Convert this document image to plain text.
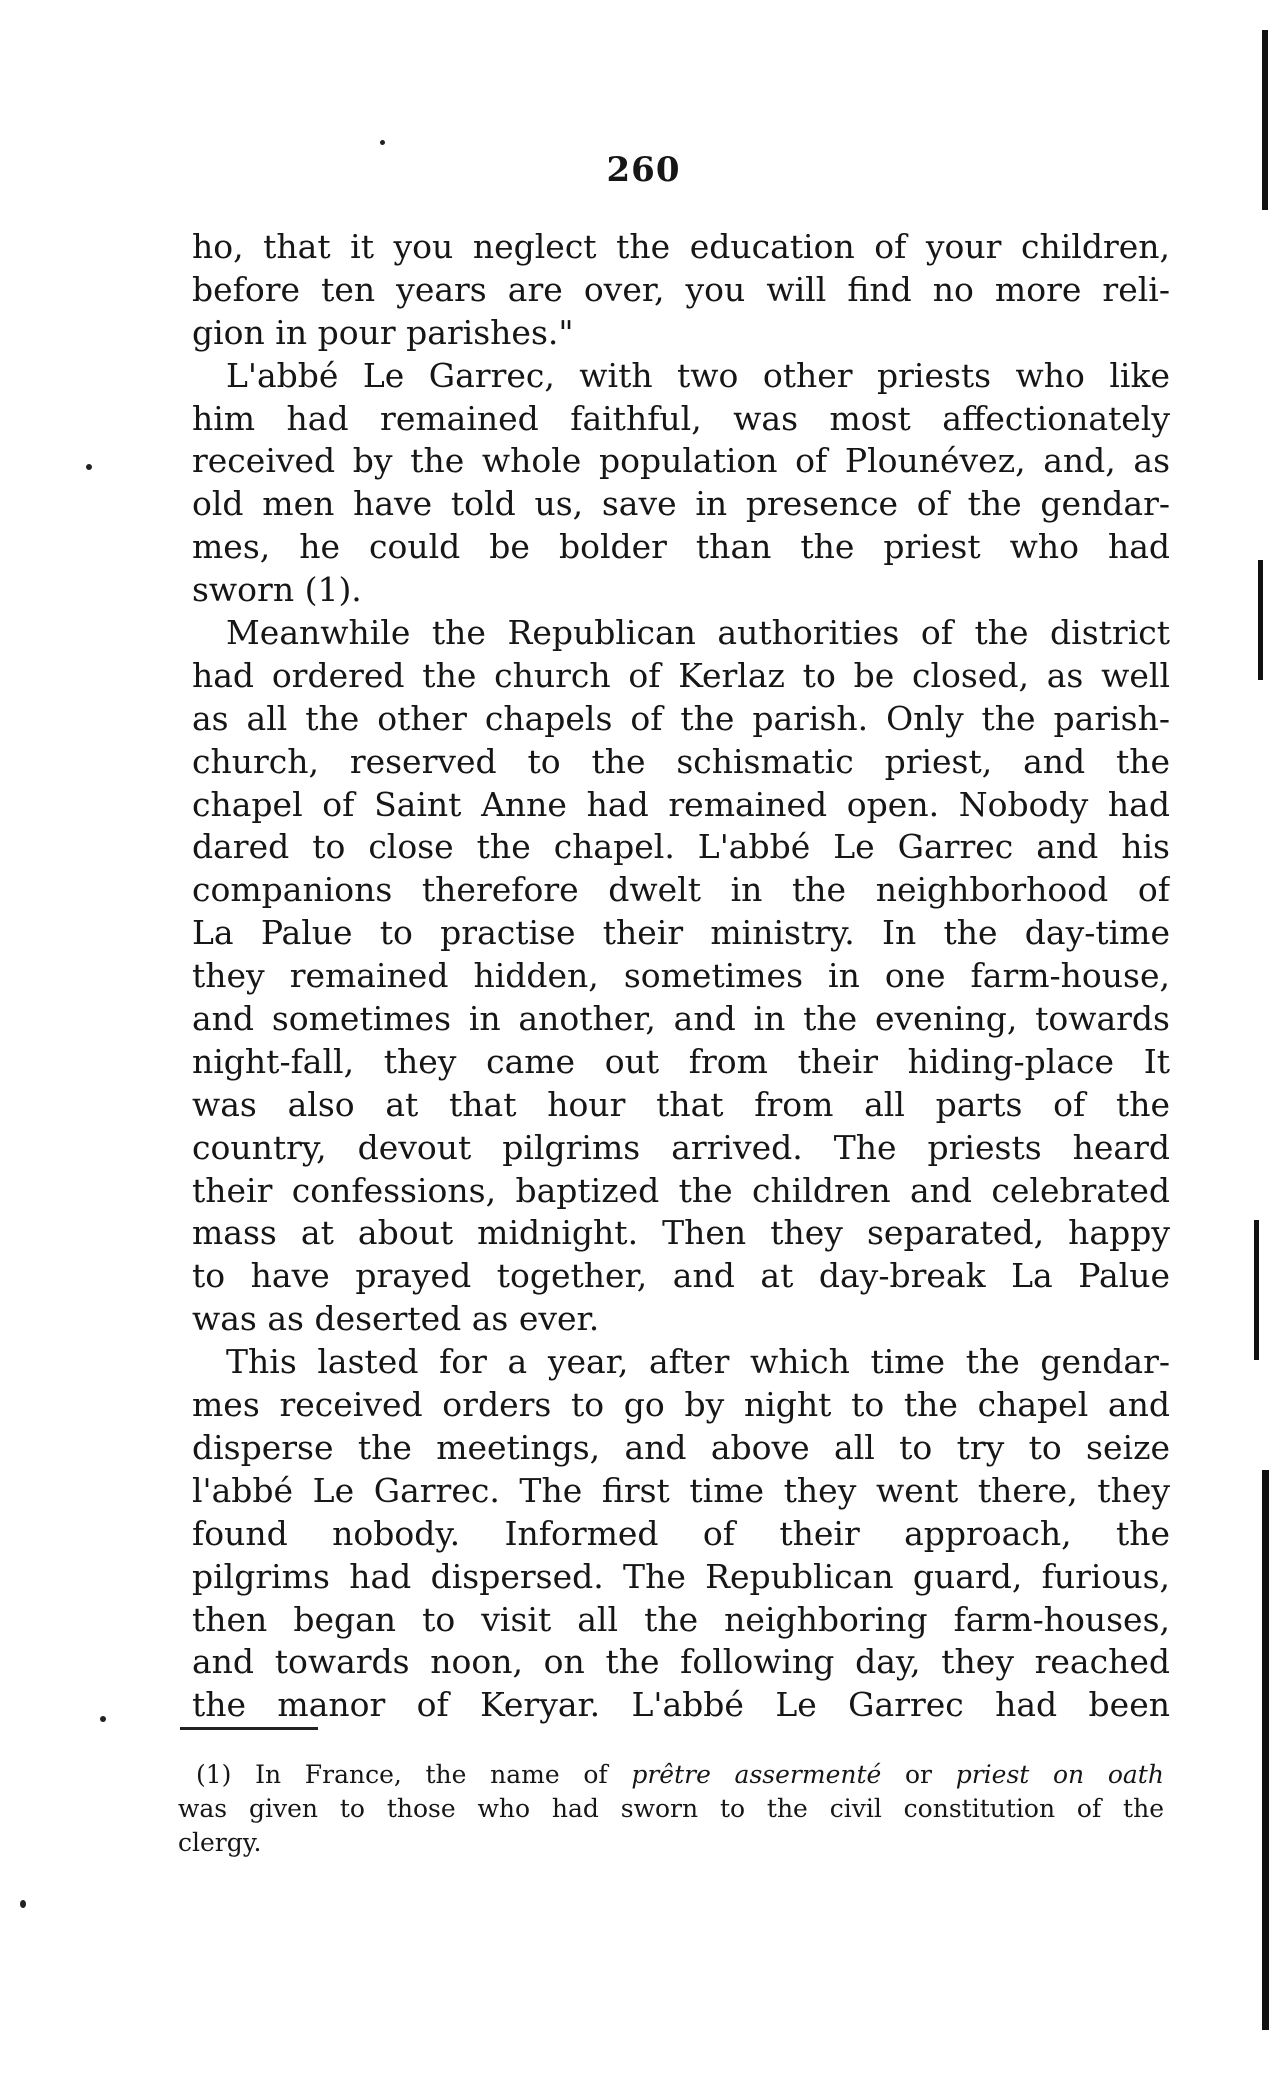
260
ho, that it you neglect the education of your children,
before ten years are over, you will find no more reli-
gion in pour parishes."
L'abbé Le Garrec, with two other priests who like
him had remained faithful, was most affectionately
received by the whole population of Plounévez, and, as
old men have told us, save in presence of the gendar-
mes, he could be bolder than the priest who had
sworn (1).
Meanwhile the Republican authorities of the district
had ordered the church of Kerlaz to be closed, as well
as all the other chapels of the parish. Only the parish-
church, reserved to the schismatic priest, and the
chapel of Saint Anne had remained open. Nobody had
dared to close the chapel. L'abbé Le Garrec and his
companions therefore dwelt in the neighborhood of
La Palue to practise their ministry. In the day-time
they remained hidden, sometimes in one farm-house,
and sometimes in another, and in the evening, towards
night-fall, they came out from their hiding-place It
was also at that hour that from all parts of the
country, devout pilgrims arrived. The priests heard
their confessions, baptized the children and celebrated
mass at about midnight. Then they separated, happy
to have prayed together, and at day-break La Palue
was as deserted as ever.
This lasted for a year, after which time the gendar-
mes received orders to go by night to the chapel and
disperse the meetings, and above all to try to seize
l'abbé Le Garrec. The first time they went there, they
found nobody. Informed of their approach, the
pilgrims had dispersed. The Republican guard, furious,
then began to visit all the neighboring farm-houses,
and towards noon, on the following day, they reached
the manor of Keryar. L'abbé Le Garrec had been
(1) In France, the name of prêtre assermenté or priest on oath
was given to those who had sworn to the civil constitution of the
clergy.
